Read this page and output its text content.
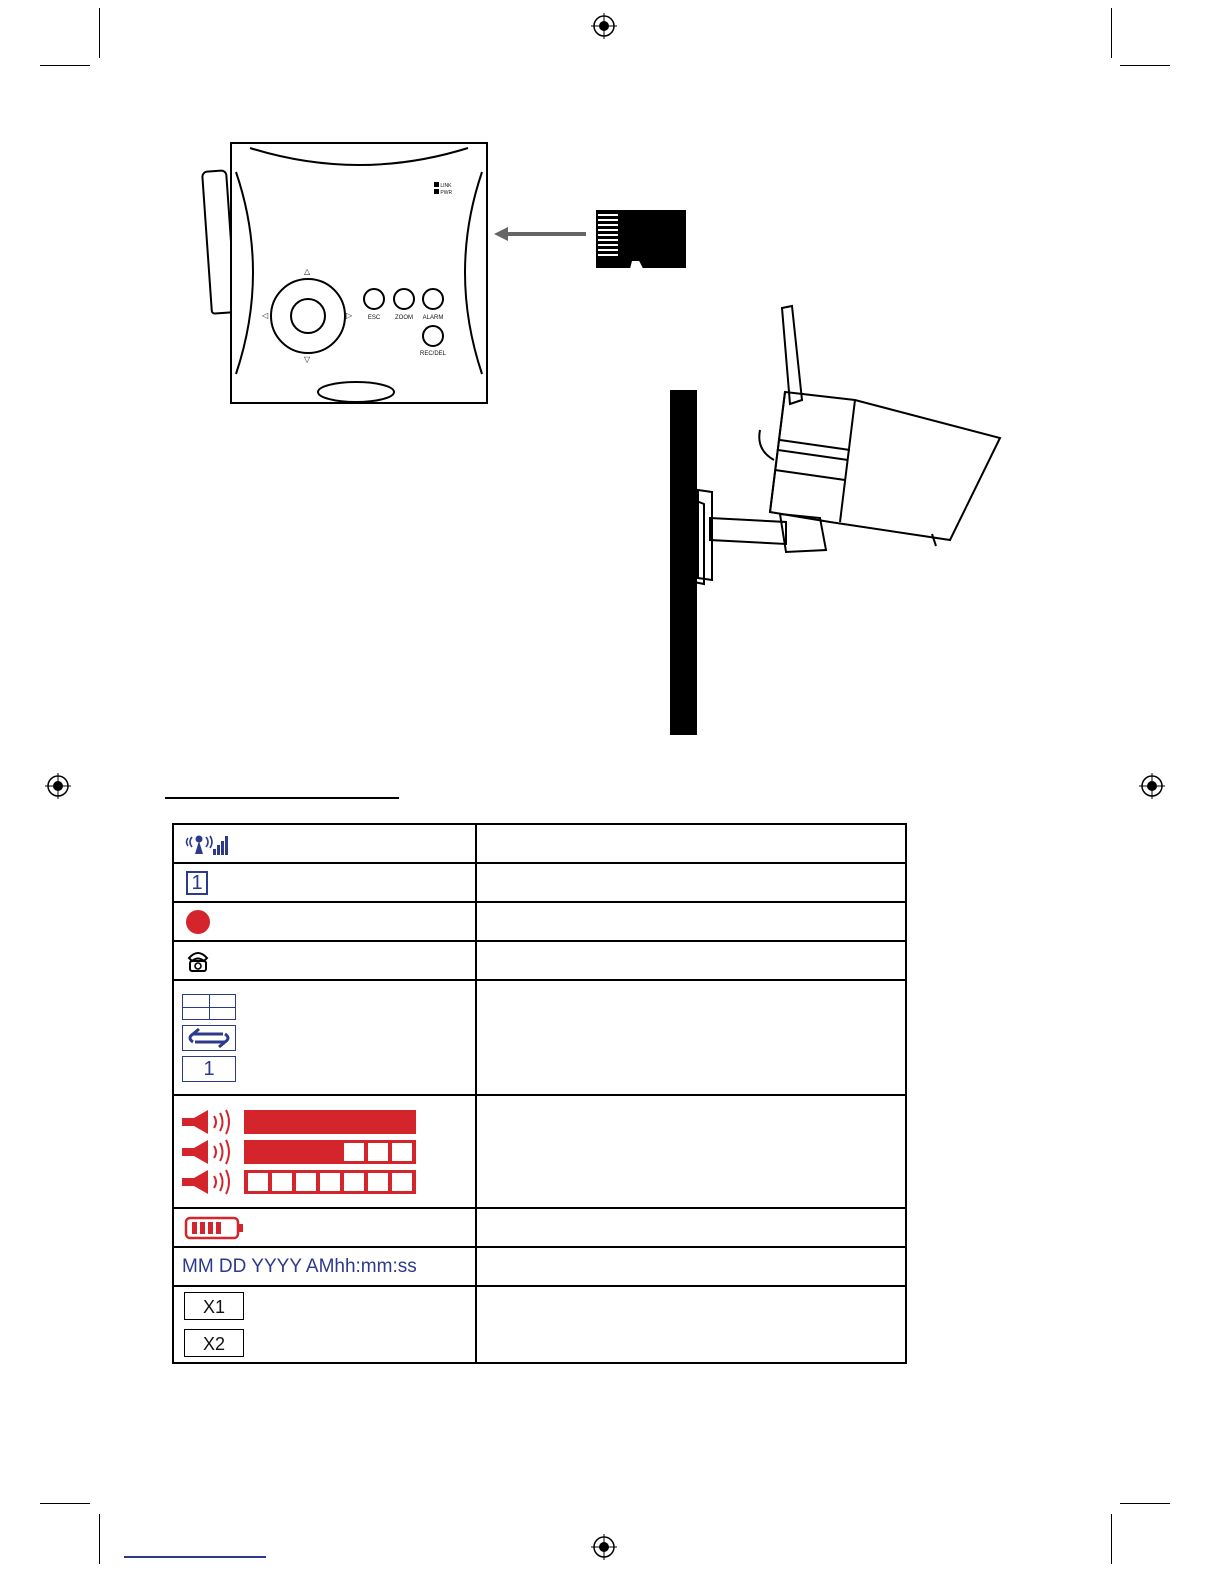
LINK
PWR
△
▽
◁	▷	ESC	ZOOM	ALARM
REC/DEL

1	

1	

MM DD YYYY AMhh:mm:ss	
X1
X2	
